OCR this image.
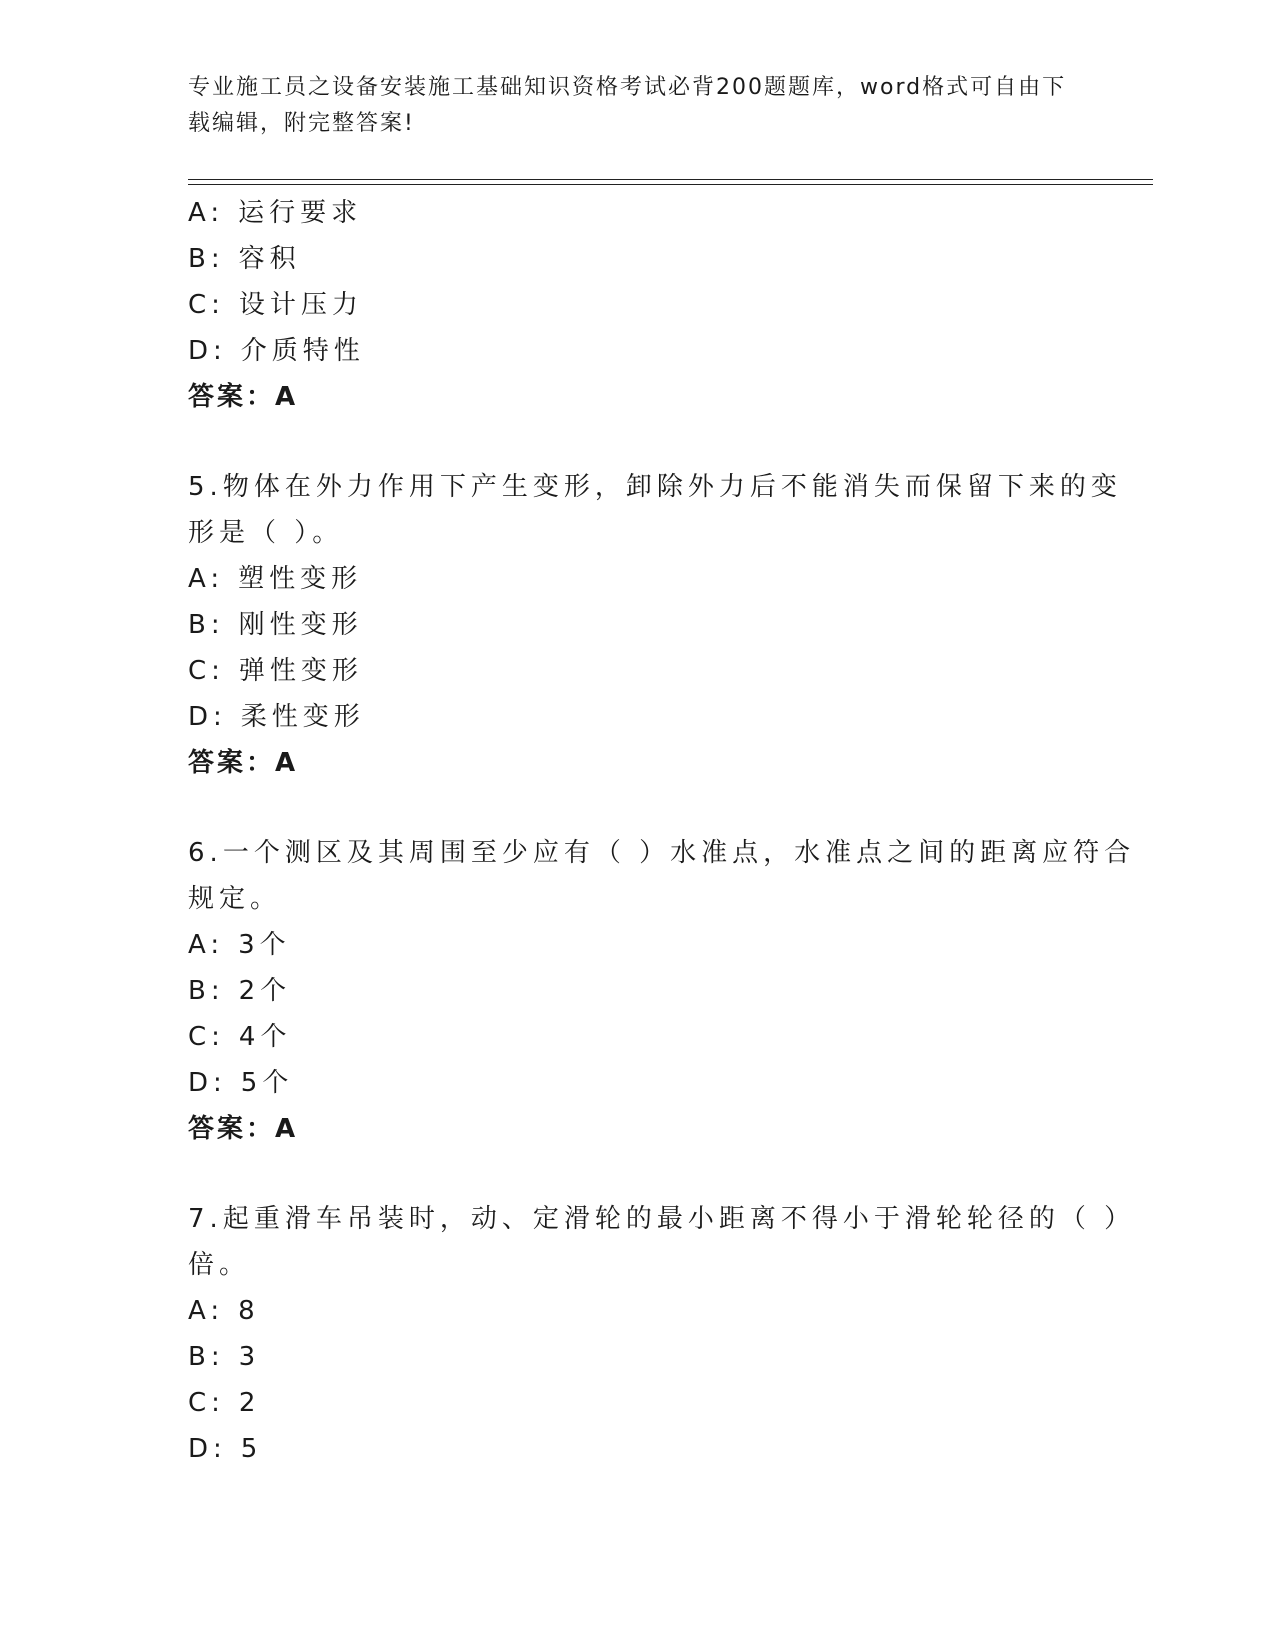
专业施工员之设备安装施工基础知识资格考试必背200题题库，word格式可自由下载编辑，附完整答案!
A: 运行要求
B: 容积
C: 设计压力
D: 介质特性
答案：A
5.物体在外力作用下产生变形，卸除外力后不能消失而保留下来的变
形是（ ）。
A: 塑性变形
B: 刚性变形
C: 弹性变形
D: 柔性变形
答案：A
6.一个测区及其周围至少应有（ ）水准点，水准点之间的距离应符合
规定。
A: 3个
B: 2个
C: 4个
D: 5个
答案：A
7.起重滑车吊装时，动、定滑轮的最小距离不得小于滑轮轮径的（ ）
倍。
A: 8
B: 3
C: 2
D: 5
